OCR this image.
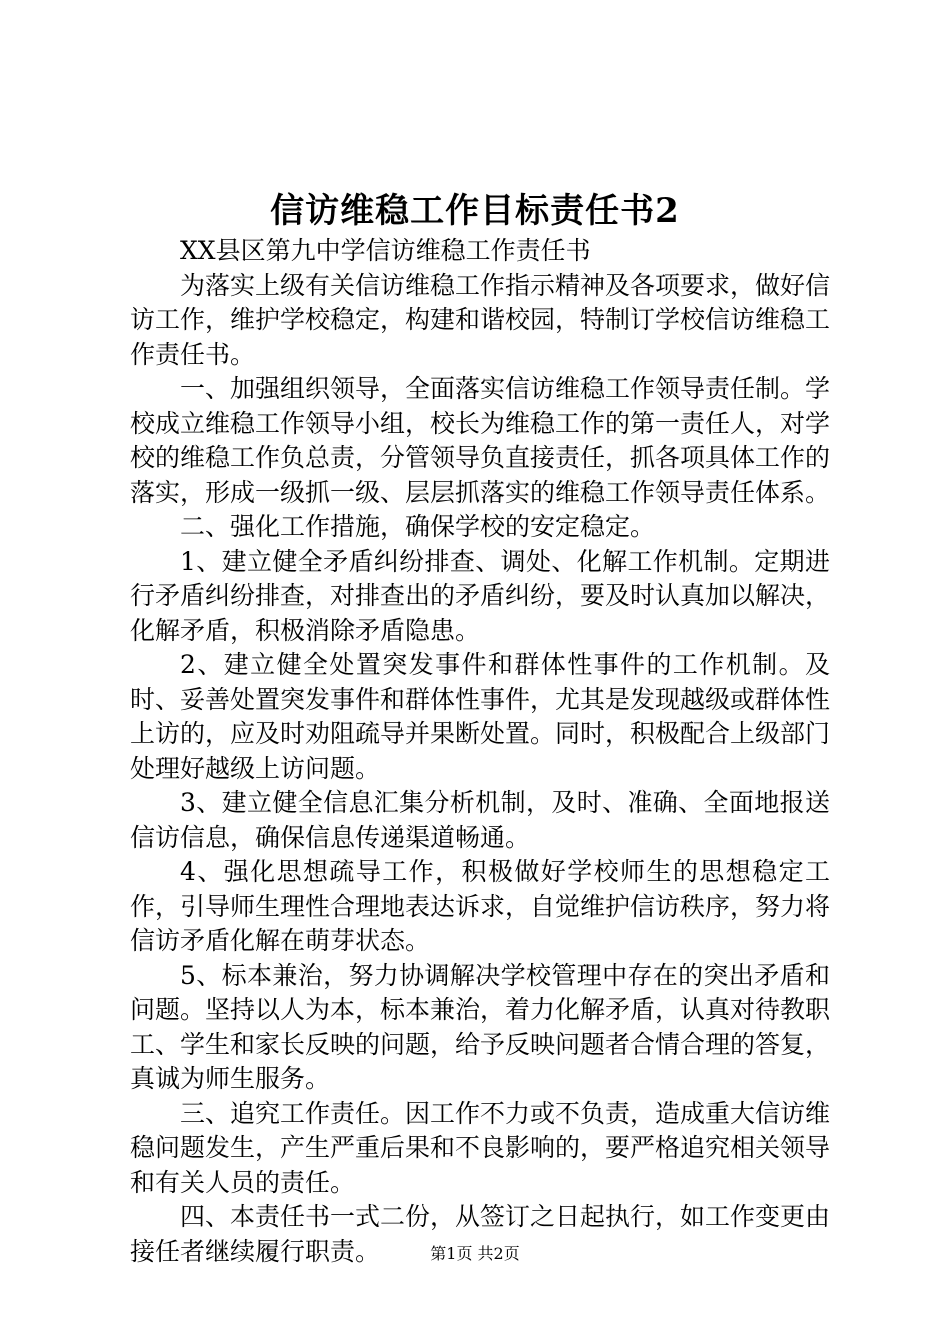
信访维稳工作目标责任书2

XX县区第九中学信访维稳工作责任书

为落实上级有关信访维稳工作指示精神及各项要求，做好信访工作，维护学校稳定，构建和谐校园，特制订学校信访维稳工作责任书。

一、加强组织领导，全面落实信访维稳工作领导责任制。学校成立维稳工作领导小组，校长为维稳工作的第一责任人，对学校的维稳工作负总责，分管领导负直接责任，抓各项具体工作的落实，形成一级抓一级、层层抓落实的维稳工作领导责任体系。

二、强化工作措施，确保学校的安定稳定。

1、建立健全矛盾纠纷排查、调处、化解工作机制。定期进行矛盾纠纷排查，对排查出的矛盾纠纷，要及时认真加以解决，化解矛盾，积极消除矛盾隐患。

2、建立健全处置突发事件和群体性事件的工作机制。及时、妥善处置突发事件和群体性事件，尤其是发现越级或群体性上访的，应及时劝阻疏导并果断处置。同时，积极配合上级部门处理好越级上访问题。

3、建立健全信息汇集分析机制，及时、准确、全面地报送信访信息，确保信息传递渠道畅通。

4、强化思想疏导工作，积极做好学校师生的思想稳定工作，引导师生理性合理地表达诉求，自觉维护信访秩序，努力将信访矛盾化解在萌芽状态。

5、标本兼治，努力协调解决学校管理中存在的突出矛盾和问题。坚持以人为本，标本兼治，着力化解矛盾，认真对待教职工、学生和家长反映的问题，给予反映问题者合情合理的答复，真诚为师生服务。

三、追究工作责任。因工作不力或不负责，造成重大信访维稳问题发生，产生严重后果和不良影响的，要严格追究相关领导和有关人员的责任。

四、本责任书一式二份，从签订之日起执行，如工作变更由接任者继续履行职责。	第1页 共2页
